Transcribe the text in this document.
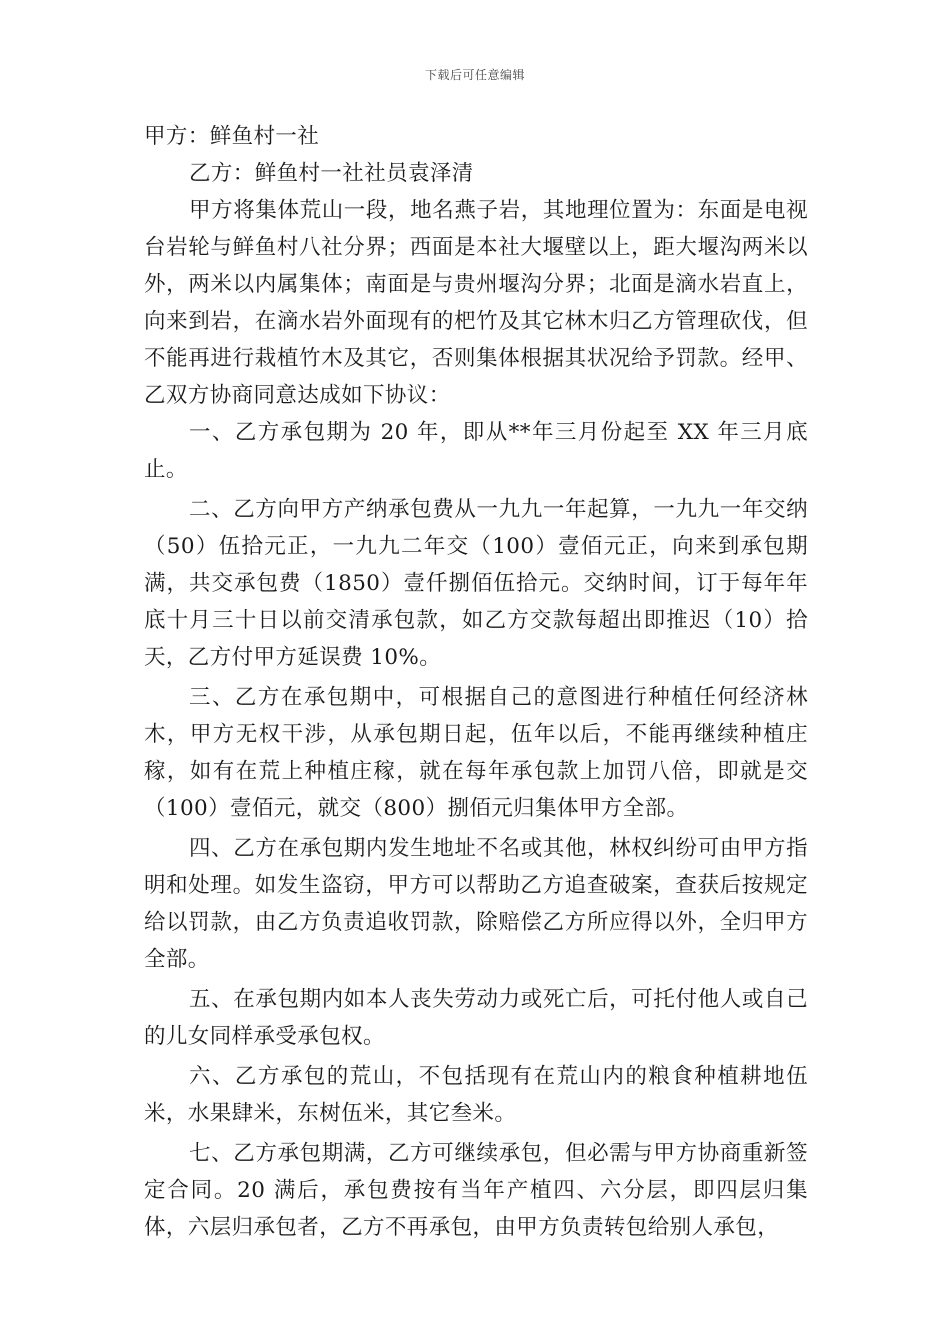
下载后可任意编辑

甲方：鲜鱼村一社

乙方：鲜鱼村一社社员袁泽清

甲方将集体荒山一段，地名燕子岩，其地理位置为：东面是电视台岩轮与鲜鱼村八社分界；西面是本社大堰壁以上，距大堰沟两米以外，两米以内属集体；南面是与贵州堰沟分界；北面是滴水岩直上，向来到岩，在滴水岩外面现有的杷竹及其它林木归乙方管理砍伐，但不能再进行栽植竹木及其它，否则集体根据其状况给予罚款。经甲、乙双方协商同意达成如下协议：

一、乙方承包期为 20 年，即从**年三月份起至 XX 年三月底止。

二、乙方向甲方产纳承包费从一九九一年起算，一九九一年交纳（50）伍拾元正，一九九二年交（100）壹佰元正，向来到承包期满，共交承包费（1850）壹仟捌佰伍拾元。交纳时间，订于每年年底十月三十日以前交清承包款，如乙方交款每超出即推迟（10）拾天，乙方付甲方延误费 10%。

三、乙方在承包期中，可根据自己的意图进行种植任何经济林木，甲方无权干涉，从承包期日起，伍年以后，不能再继续种植庄稼，如有在荒上种植庄稼，就在每年承包款上加罚八倍，即就是交（100）壹佰元，就交（800）捌佰元归集体甲方全部。

四、乙方在承包期内发生地址不名或其他，林权纠纷可由甲方指明和处理。如发生盗窃，甲方可以帮助乙方追查破案，查获后按规定给以罚款，由乙方负责追收罚款，除赔偿乙方所应得以外，全归甲方全部。

五、在承包期内如本人丧失劳动力或死亡后，可托付他人或自己的儿女同样承受承包权。

六、乙方承包的荒山，不包括现有在荒山内的粮食种植耕地伍米，水果肆米，东树伍米，其它叁米。

七、乙方承包期满，乙方可继续承包，但必需与甲方协商重新签定合同。20 满后，承包费按有当年产植四、六分层，即四层归集体，六层归承包者，乙方不再承包，由甲方负责转包给别人承包，
